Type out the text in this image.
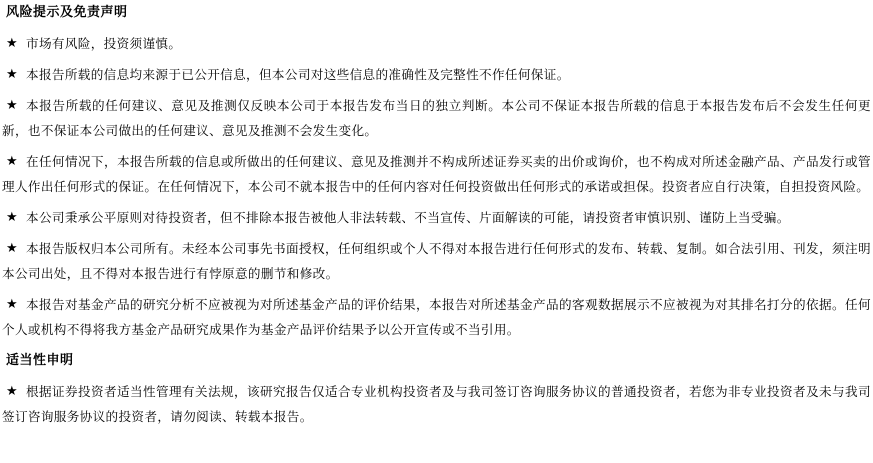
风险提示及免责声明
★ 市场有风险，投资须谨慎。
★ 本报告所载的信息均来源于已公开信息，但本公司对这些信息的准确性及完整性不作任何保证。
★ 本报告所载的任何建议、意见及推测仅反映本公司于本报告发布当日的独立判断。本公司不保证本报告所载的信息于本报告发布后不会发生任何更新，也不保证本公司做出的任何建议、意见及推测不会发生变化。
★ 在任何情况下，本报告所载的信息或所做出的任何建议、意见及推测并不构成所述证券买卖的出价或询价，也不构成对所述金融产品、产品发行或管理人作出任何形式的保证。在任何情况下，本公司不就本报告中的任何内容对任何投资做出任何形式的承诺或担保。投资者应自行决策，自担投资风险。
★ 本公司秉承公平原则对待投资者，但不排除本报告被他人非法转载、不当宣传、片面解读的可能，请投资者审慎识别、谨防上当受骗。
★ 本报告版权归本公司所有。未经本公司事先书面授权，任何组织或个人不得对本报告进行任何形式的发布、转载、复制。如合法引用、刊发，须注明本公司出处，且不得对本报告进行有悖原意的删节和修改。
★ 本报告对基金产品的研究分析不应被视为对所述基金产品的评价结果，本报告对所述基金产品的客观数据展示不应被视为对其排名打分的依据。任何个人或机构不得将我方基金产品研究成果作为基金产品评价结果予以公开宣传或不当引用。
适当性申明
★ 根据证券投资者适当性管理有关法规，该研究报告仅适合专业机构投资者及与我司签订咨询服务协议的普通投资者，若您为非专业投资者及未与我司签订咨询服务协议的投资者，请勿阅读、转载本报告。
